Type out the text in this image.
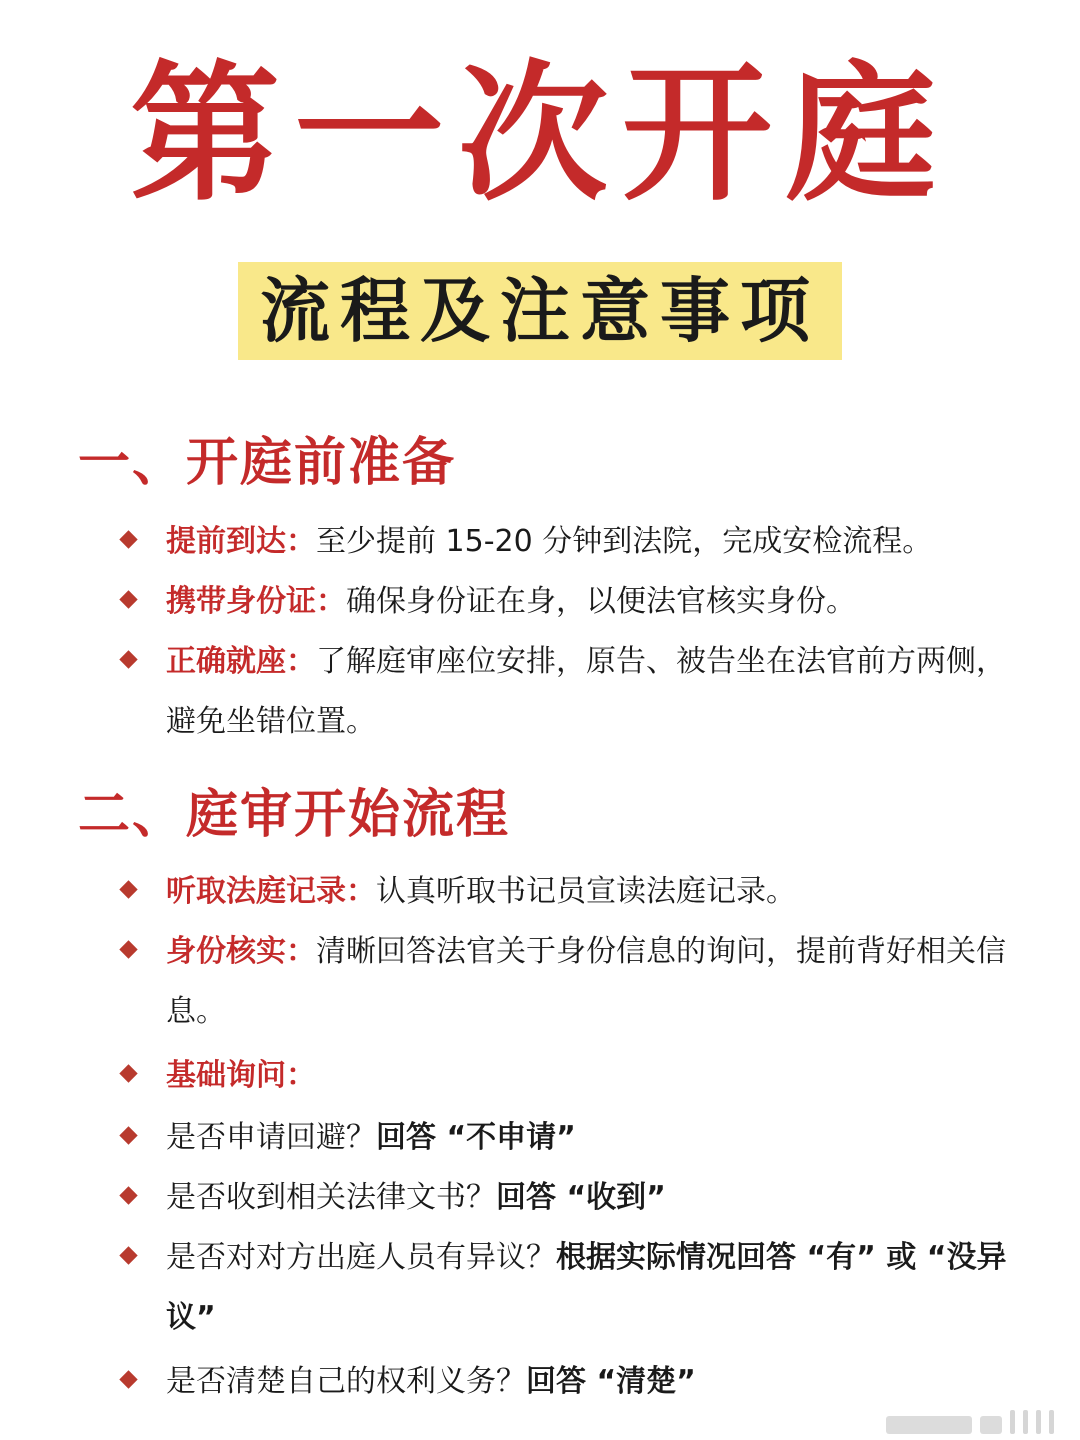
第一次开庭
流程及注意事项
一、开庭前准备
提前到达：至少提前 15-20 分钟到法院，完成安检流程。
携带身份证：确保身份证在身，以便法官核实身份。
正确就座：了解庭审座位安排，原告、被告坐在法官前方两侧，避免坐错位置。
二、庭审开始流程
听取法庭记录：认真听取书记员宣读法庭记录。
身份核实：清晰回答法官关于身份信息的询问，提前背好相关信息。
基础询问：
是否申请回避？回答 “不申请”
是否收到相关法律文书？回答 “收到”
是否对对方出庭人员有异议？根据实际情况回答 “有” 或 “没异议”
是否清楚自己的权利义务？回答 “清楚”
